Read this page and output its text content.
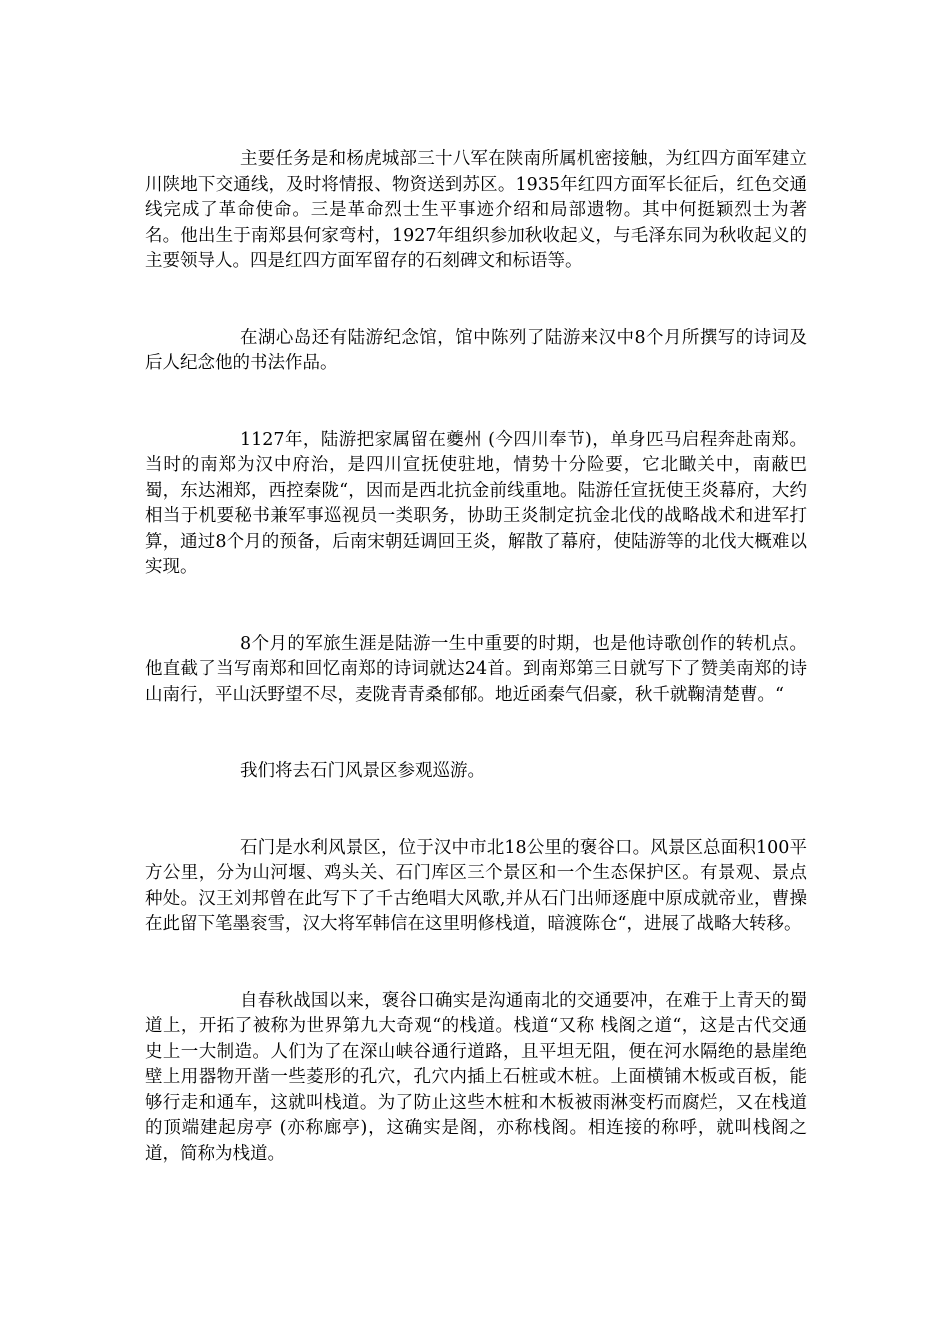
主要任务是和杨虎城部三十八军在陕南所属机密接触，为红四方面军建立川陕地下交通线，及时将情报、物资送到苏区。1935年红四方面军长征后，红色交通线完成了革命使命。三是革命烈士生平事迹介绍和局部遗物。其中何挺颖烈士为著名。他出生于南郑县何家弯村，1927年组织参加秋收起义，与毛泽东同为秋收起义的主要领导人。四是红四方面军留存的石刻碑文和标语等。

在湖心岛还有陆游纪念馆，馆中陈列了陆游来汉中8个月所撰写的诗词及后人纪念他的书法作品。

1127年，陆游把家属留在夔州 (今四川奉节)，单身匹马启程奔赴南郑。当时的南郑为汉中府治，是四川宣抚使驻地，情势十分险要，它北瞰关中，南蔽巴蜀，东达湘郑，西控秦陇“，因而是西北抗金前线重地。陆游任宣抚使王炎幕府，大约相当于机要秘书兼军事巡视员一类职务，协助王炎制定抗金北伐的战略战术和进军打算，通过8个月的预备，后南宋朝廷调回王炎，解散了幕府，使陆游等的北伐大概难以实现。

8个月的军旅生涯是陆游一生中重要的时期，也是他诗歌创作的转机点。他直截了当写南郑和回忆南郑的诗词就达24首。到南郑第三日就写下了赞美南郑的诗 山南行，平山沃野望不尽，麦陇青青桑郁郁。地近函秦气侣豪，秋千就鞠清楚曹。“

我们将去石门风景区参观巡游。

石门是水利风景区，位于汉中市北18公里的褒谷口。风景区总面积100平方公里，分为山河堰、鸡头关、石门库区三个景区和一个生态保护区。有景观、景点种处。汉王刘邦曾在此写下了千古绝唱大风歌,并从石门出师逐鹿中原成就帝业，曹操在此留下笔墨衮雪，汉大将军韩信在这里明修栈道，暗渡陈仓“，进展了战略大转移。

自春秋战国以来，褒谷口确实是沟通南北的交通要冲，在难于上青天的蜀道上，开拓了被称为世界第九大奇观“的栈道。栈道“又称 栈阁之道“，这是古代交通史上一大制造。人们为了在深山峡谷通行道路，且平坦无阻，便在河水隔绝的悬崖绝壁上用器物开凿一些菱形的孔穴，孔穴内插上石桩或木桩。上面横铺木板或百板，能够行走和通车，这就叫栈道。为了防止这些木桩和木板被雨淋变朽而腐烂，又在栈道的顶端建起房亭 (亦称廊亭)，这确实是阁，亦称栈阁。相连接的称呼，就叫栈阁之道，简称为栈道。
